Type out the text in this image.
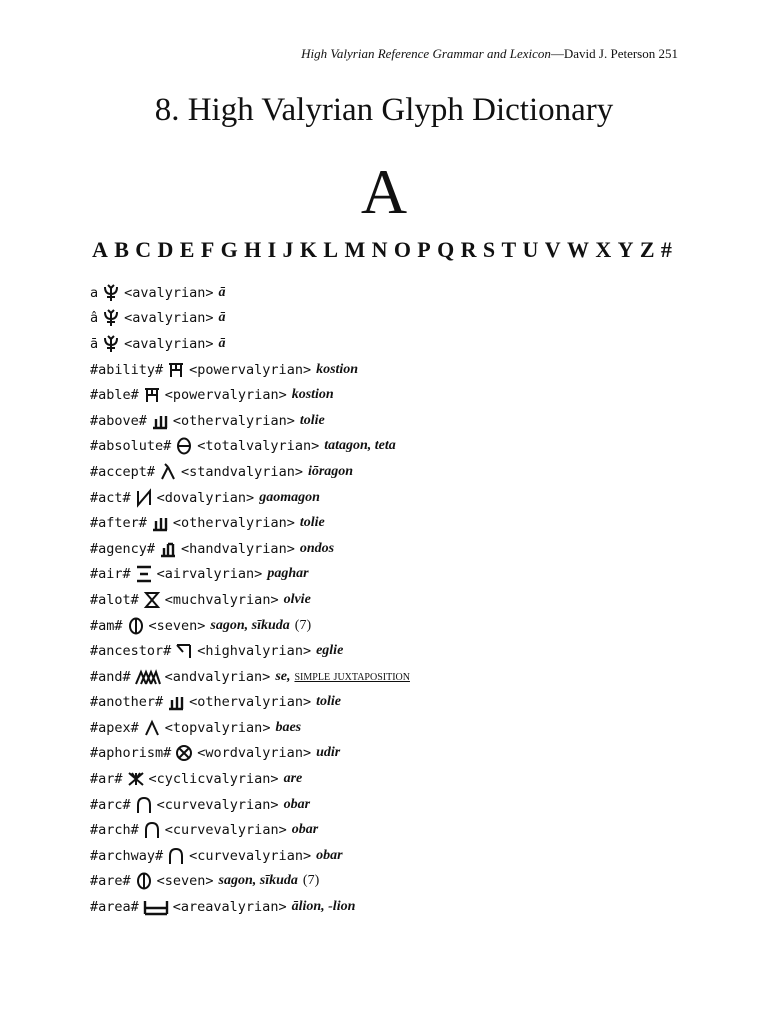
High Valyrian Reference Grammar and Lexicon—David J. Peterson 251
8. High Valyrian Glyph Dictionary
A
A B C D E F G H I J K L M N O P Q R S T U V W X Y Z #
a <avalyrian> ā
â <avalyrian> ā
ā <avalyrian> ā
#ability# <powervalyrian> kostion
#able# <powervalyrian> kostion
#above# <othervalyrian> tolie
#absolute# <totalvalyrian> tatagon, teta
#accept# <standvalyrian> iōragon
#act# <dovalyrian> gaomagon
#after# <othervalyrian> tolie
#agency# <handvalyrian> ondos
#air# <airvalyrian> paghar
#alot# <muchvalyrian> olvie
#am# <seven> sagon, sīkuda (7)
#ancestor# <highvalyrian> eglie
#and#	<andvalyrian> se, simple juxtaposition
#another# <othervalyrian> tolie
#apex# <topvalyrian> baes
#aphorism# <wordvalyrian> udir
#ar# <cyclicvalyrian> are
#arc# <curvevalyrian> obar
#arch# <curvevalyrian> obar
#archway# <curvevalyrian> obar
#are# <seven> sagon, sīkuda (7)
#area#	<areavalyrian> ālion, -lion
